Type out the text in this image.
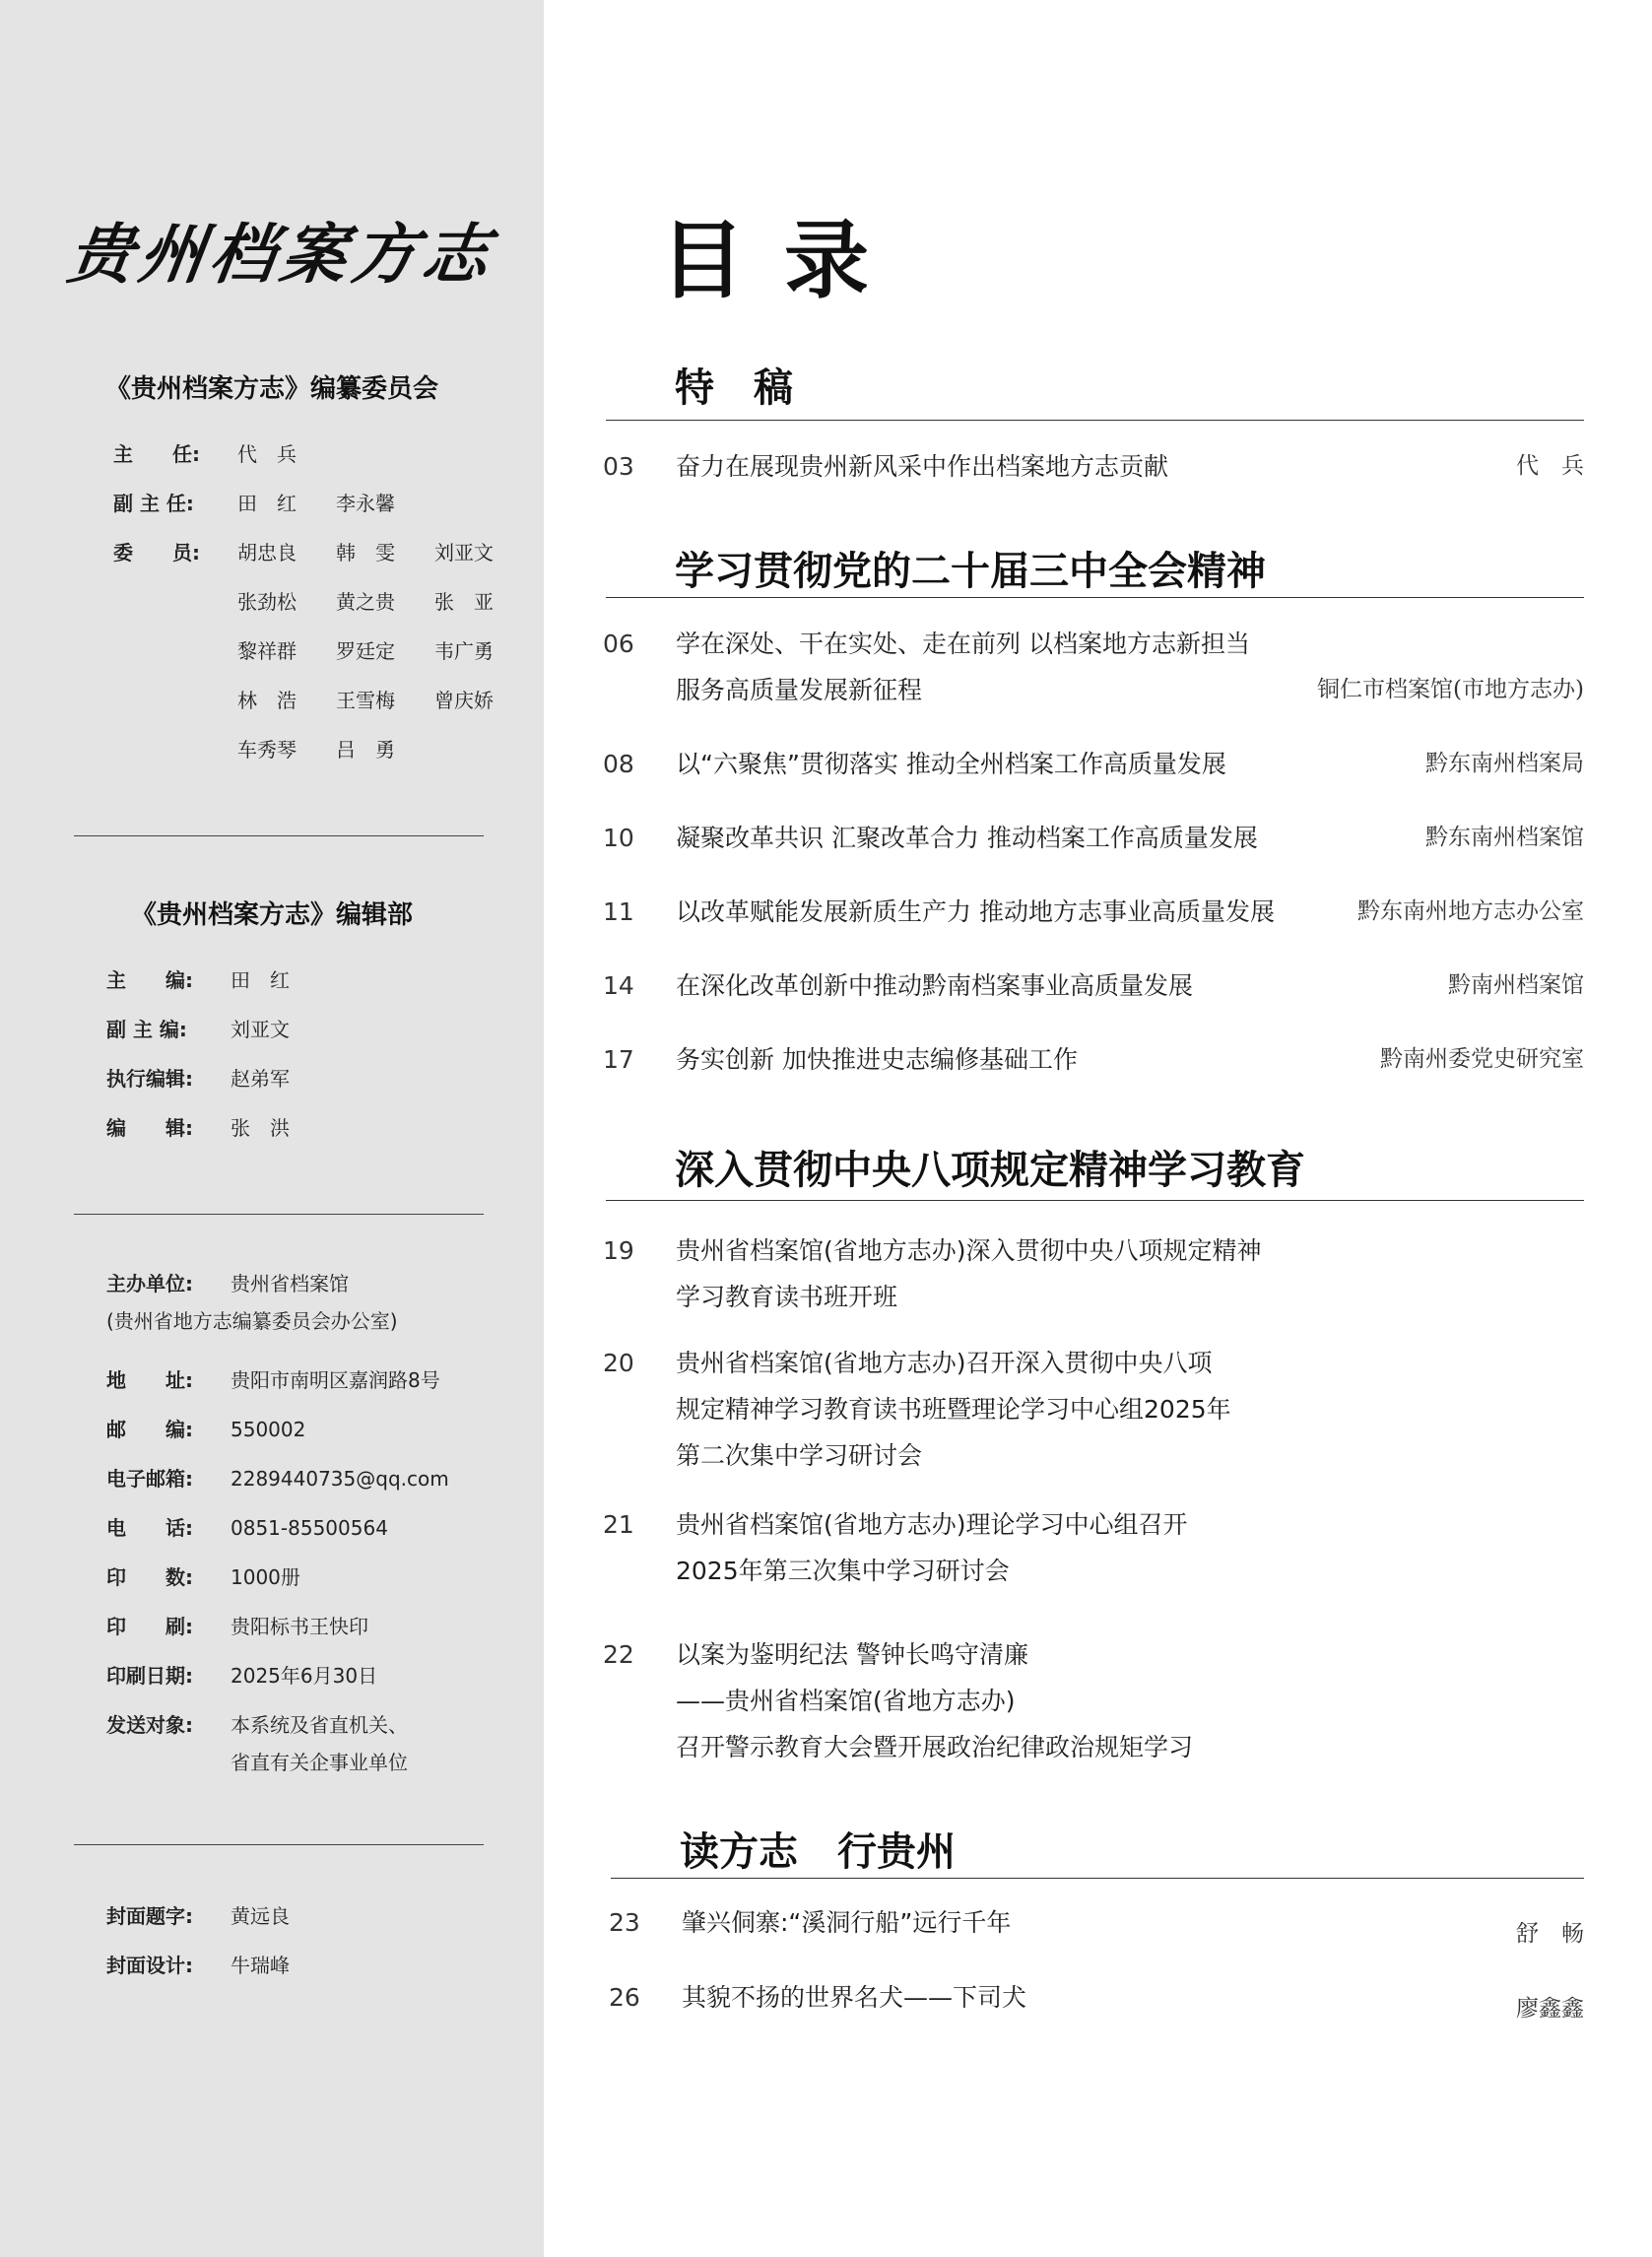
贵州档案方志
《贵州档案方志》编纂委员会
主　　任:	代　兵
副 主 任:	田　红　　李永馨
委　　员:	胡忠良　　韩　雯　　刘亚文
张劲松　　黄之贵　　张　亚
黎祥群　　罗廷定　　韦广勇
林　浩　　王雪梅　　曾庆娇
车秀琴　　吕　勇
《贵州档案方志》编辑部
主　　编:	田　红
副 主 编:	刘亚文
执行编辑:	赵弟军
编　　辑:	张　洪
主办单位:	贵州省档案馆
(贵州省地方志编纂委员会办公室)
地　　址:	贵阳市南明区嘉润路8号
邮　　编:	550002
电子邮箱:	2289440735@qq.com
电　　话:	0851-85500564
印　　数:	1000册
印　　刷:	贵阳标书王快印
印刷日期:	2025年6月30日
发送对象:	本系统及省直机关、
省直有关企事业单位
封面题字:	黄远良
封面设计:	牛瑞峰
目录
特　稿
03	奋力在展现贵州新风采中作出档案地方志贡献	代　兵
学习贯彻党的二十届三中全会精神
06	学在深处、干在实处、走在前列 以档案地方志新担当
服务高质量发展新征程	铜仁市档案馆(市地方志办)
08	以“六聚焦”贯彻落实 推动全州档案工作高质量发展	黔东南州档案局
10	凝聚改革共识 汇聚改革合力 推动档案工作高质量发展	黔东南州档案馆
11	以改革赋能发展新质生产力 推动地方志事业高质量发展	黔东南州地方志办公室
14	在深化改革创新中推动黔南档案事业高质量发展	黔南州档案馆
17	务实创新 加快推进史志编修基础工作	黔南州委党史研究室
深入贯彻中央八项规定精神学习教育
19	贵州省档案馆(省地方志办)深入贯彻中央八项规定精神
学习教育读书班开班
20	贵州省档案馆(省地方志办)召开深入贯彻中央八项
规定精神学习教育读书班暨理论学习中心组2025年
第二次集中学习研讨会
21	贵州省档案馆(省地方志办)理论学习中心组召开
2025年第三次集中学习研讨会
22	以案为鉴明纪法 警钟长鸣守清廉
——贵州省档案馆(省地方志办)
召开警示教育大会暨开展政治纪律政治规矩学习
读方志　行贵州
23	肇兴侗寨:“溪洞行船”远行千年	舒　畅
26	其貌不扬的世界名犬——下司犬	廖鑫鑫
